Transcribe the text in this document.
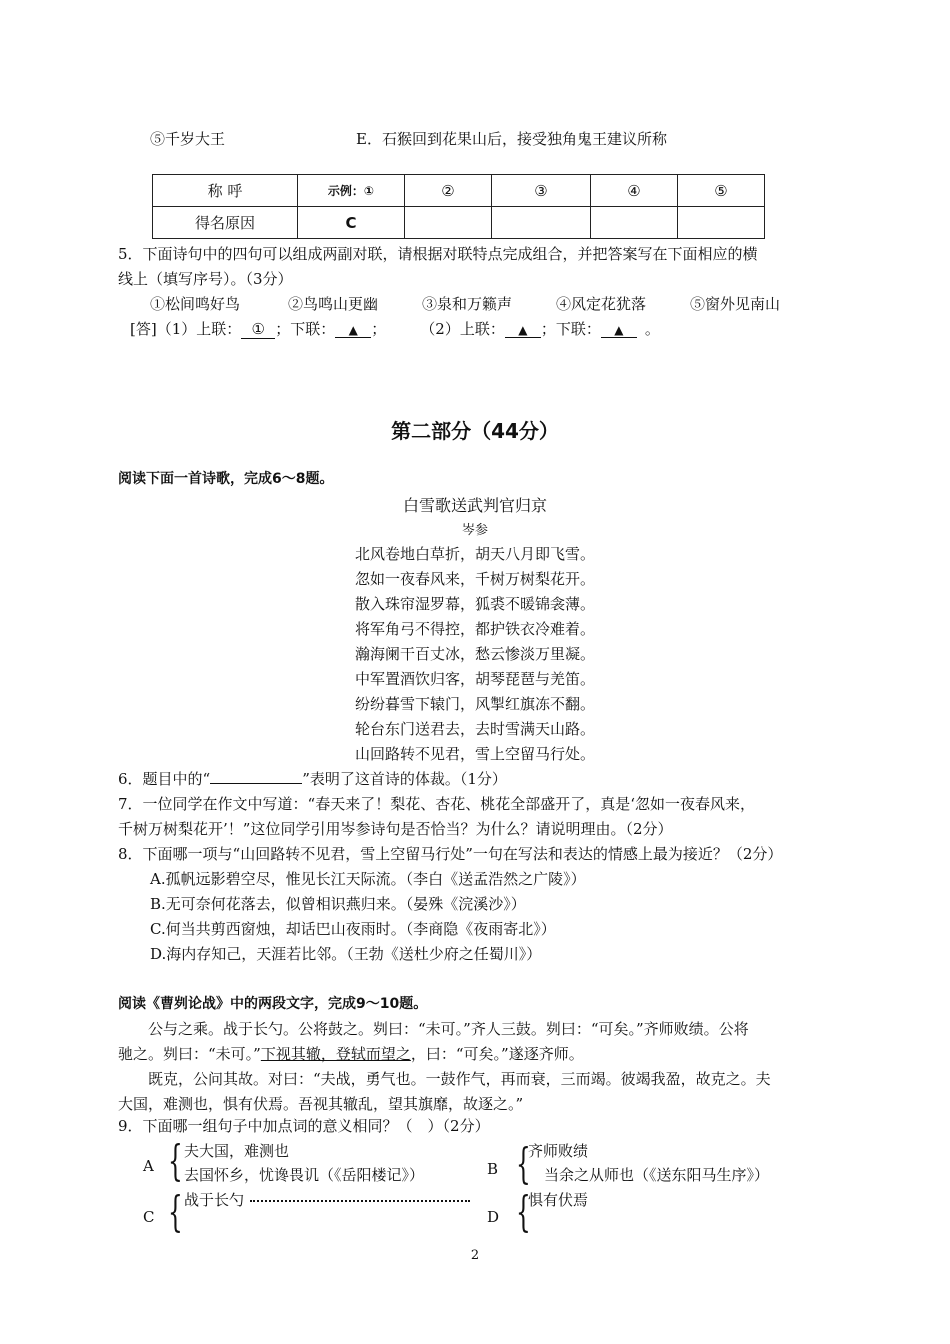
⑤千岁大王	E．石猴回到花果山后，接受独角鬼王建议所称
称 呼	示例：①	②	③	④	⑤
得名原因	C				
5．下面诗句中的四句可以组成两副对联，请根据对联特点完成组合，并把答案写在下面相应的横
线上（填写序号）。（3分）
①松间鸣好鸟	②鸟鸣山更幽	③泉和万籁声	④风定花犹落	⑤窗外见南山
[答]（1）上联： ① ；下联： ▲ ； （2）上联： ▲ ；下联： ▲ 。
第二部分（44分）
阅读下面一首诗歌，完成6～8题。
白雪歌送武判官归京
岑参
北风卷地白草折，胡天八月即飞雪。
忽如一夜春风来，千树万树梨花开。
散入珠帘湿罗幕，狐裘不暖锦衾薄。
将军角弓不得控，都护铁衣冷难着。
瀚海阑干百丈冰，愁云惨淡万里凝。
中军置酒饮归客，胡琴琵琶与羌笛。
纷纷暮雪下辕门，风掣红旗冻不翻。
轮台东门送君去，去时雪满天山路。
山回路转不见君，雪上空留马行处。
6．题目中的“	”表明了这首诗的体裁。（1分）
7．一位同学在作文中写道：“春天来了！梨花、杏花、桃花全部盛开了，真是‘忽如一夜春风来，
千树万树梨花开’！”这位同学引用岑参诗句是否恰当？为什么？请说明理由。（2分）
8．下面哪一项与“山回路转不见君，雪上空留马行处”一句在写法和表达的情感上最为接近？（2分）
A.孤帆远影碧空尽，惟见长江天际流。（李白《送孟浩然之广陵》）
B.无可奈何花落去，似曾相识燕归来。（晏殊《浣溪沙》）
C.何当共剪西窗烛，却话巴山夜雨时。（李商隐《夜雨寄北》）
D.海内存知己，天涯若比邻。（王勃《送杜少府之任蜀川》）
阅读《曹刿论战》中的两段文字，完成9～10题。
公与之乘。战于长勺。公将鼓之。刿曰：“未可。”齐人三鼓。刿曰：“可矣。”齐师败绩。公将
驰之。刿曰：“未可。”下视其辙，登轼而望之，曰：“可矣。”遂逐齐师。
既克，公问其故。对曰：“夫战，勇气也。一鼓作气，再而衰，三而竭。彼竭我盈，故克之。夫
大国，难测也，惧有伏焉。吾视其辙乱，望其旗靡，故逐之。”
9．下面哪一组句子中加点词的意义相同？（　）（2分）
A { 夫大国，难测也
去国怀乡，忧谗畏讥（《岳阳楼记》）	B {
齐师败绩
当余之从师也（《送东阳马生序》）
C { 战于长勺
D {
惧有伏焉
2
